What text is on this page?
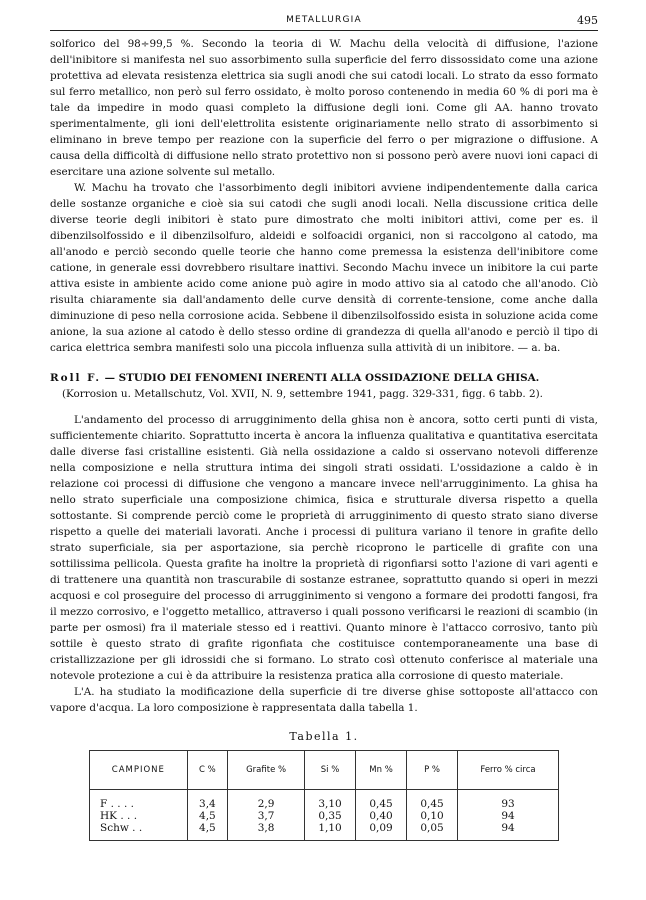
METALLURGIA	495

solforico del 98÷99,5 %. Secondo la teoria di W. Machu della velocità di diffusione, l'azione dell'inibitore si manifesta nel suo assorbimento sulla superficie del ferro dissossidato come una azione protettiva ad elevata resistenza elettrica sia sugli anodi che sui catodi locali. Lo strato da esso formato sul ferro metallico, non però sul ferro ossidato, è molto poroso contenendo in media 60 % di pori ma è tale da impedire in modo quasi completo la diffusione degli ioni. Come gli AA. hanno trovato sperimentalmente, gli ioni dell'elettrolita esistente originariamente nello strato di assorbimento si eliminano in breve tempo per reazione con la superficie del ferro o per migrazione o diffusione. A causa della difficoltà di diffusione nello strato protettivo non si possono però avere nuovi ioni capaci di esercitare una azione solvente sul metallo.

W. Machu ha trovato che l'assorbimento degli inibitori avviene indipendentemente dalla carica delle sostanze organiche e cioè sia sui catodi che sugli anodi locali. Nella discussione critica delle diverse teorie degli inibitori è stato pure dimostrato che molti inibitori attivi, come per es. il dibenzilsolfossido e il dibenzilsolfuro, aldeidi e solfoacidi organici, non si raccolgono al catodo, ma all'anodo e perciò secondo quelle teorie che hanno come premessa la esistenza dell'inibitore come catione, in generale essi dovrebbero risultare inattivi. Secondo Machu invece un inibitore la cui parte attiva esiste in ambiente acido come anione può agire in modo attivo sia al catodo che all'anodo. Ciò risulta chiaramente sia dall'andamento delle curve densità di corrente-tensione, come anche dalla diminuzione di peso nella corrosione acida. Sebbene il dibenzilsolfossido esista in soluzione acida come anione, la sua azione al catodo è dello stesso ordine di grandezza di quella all'anodo e perciò il tipo di carica elettrica sembra manifesti solo una piccola influenza sulla attività di un inibitore. — a. ba.

Roll F. — STUDIO DEI FENOMENI INERENTI ALLA OSSIDAZIONE DELLA GHISA.
(Korrosion u. Metallschutz, Vol. XVII, N. 9, settembre 1941, pagg. 329-331, figg. 6 tabb. 2).

L'andamento del processo di arrugginimento della ghisa non è ancora, sotto certi punti di vista, sufficientemente chiarito. Soprattutto incerta è ancora la influenza qualitativa e quantitativa esercitata dalle diverse fasi cristalline esistenti. Già nella ossidazione a caldo si osservano notevoli differenze nella composizione e nella struttura intima dei singoli strati ossidati. L'ossidazione a caldo è in relazione coi processi di diffusione che vengono a mancare invece nell'arrugginimento. La ghisa ha nello strato superficiale una composizione chimica, fisica e strutturale diversa rispetto a quella sottostante. Si comprende perciò come le proprietà di arrugginimento di questo strato siano diverse rispetto a quelle dei materiali lavorati. Anche i processi di pulitura variano il tenore in grafite dello strato superficiale, sia per asportazione, sia perchè ricoprono le particelle di grafite con una sottilissima pellicola. Questa grafite ha inoltre la proprietà di rigonfiarsi sotto l'azione di vari agenti e di trattenere una quantità non trascurabile di sostanze estranee, soprattutto quando si operi in mezzi acquosi e col proseguire del processo di arrugginimento si vengono a formare dei prodotti fangosi, fra il mezzo corrosivo, e l'oggetto metallico, attraverso i quali possono verificarsi le reazioni di scambio (in parte per osmosi) fra il materiale stesso ed i reattivi. Quanto minore è l'attacco corrosivo, tanto più sottile è questo strato di grafite rigonfiata che costituisce contemporaneamente una base di cristallizzazione per gli idrossidi che si formano. Lo strato così ottenuto conferisce al materiale una notevole protezione a cui è da attribuire la resistenza pratica alla corrosione di questo materiale.

L'A. ha studiato la modificazione della superficie di tre diverse ghise sottoposte all'attacco con vapore d'acqua. La loro composizione è rappresentata dalla tabella 1.

Tabella 1.
CAMPIONE	C %	Grafite %	Si %	Mn %	P %	Ferro % circa
F . . . .	3,4	2,9	3,10	0,45	0,45	93
HK . . .	4,5	3,7	0,35	0,40	0,10	94
Schw . .	4,5	3,8	1,10	0,09	0,05	94
